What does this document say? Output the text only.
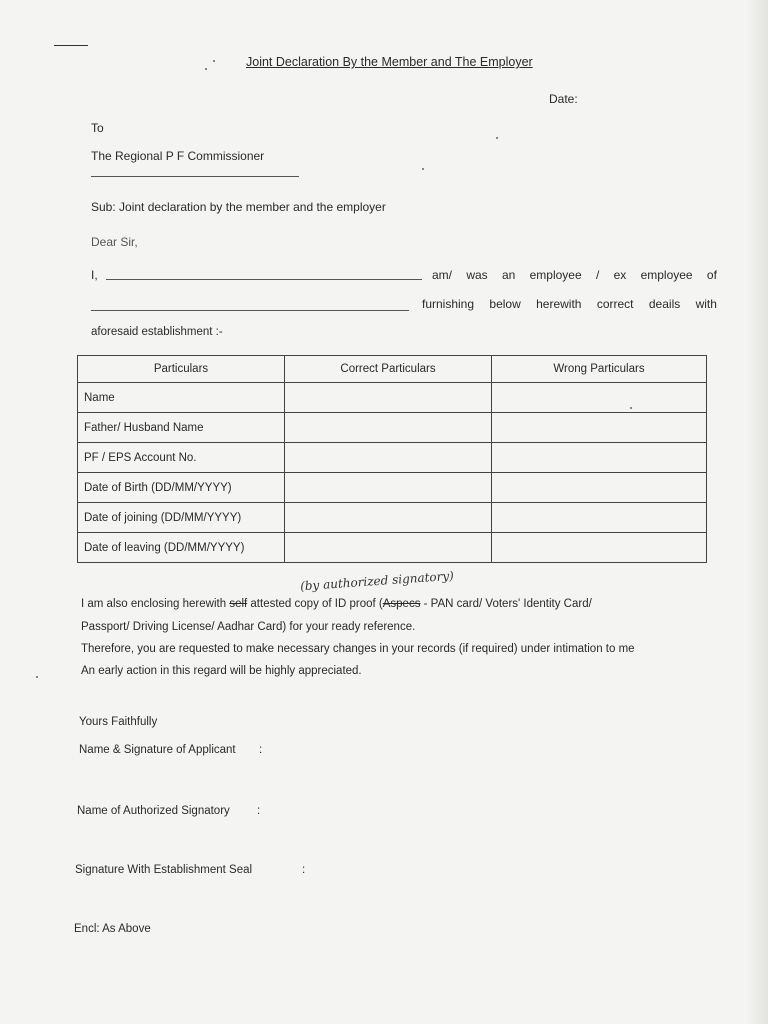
Joint Declaration By the Member and The Employer
Date:
To
The Regional P F Commissioner
Sub: Joint declaration by the member and the employer
Dear Sir,
I,	am/ was an employee / ex employee of
furnishing below herewith correct deails with
aforesaid establishment :-
Particulars	Correct Particulars	Wrong Particulars
Name		
Father/ Husband Name		
PF / EPS Account No.		
Date of Birth (DD/MM/YYYY)		
Date of joining (DD/MM/YYYY)		
Date of leaving (DD/MM/YYYY)		
(by authorized signatory)
I am also enclosing herewith self attested copy of ID proof (Aspecs - PAN card/ Voters' Identity Card/
Passport/ Driving License/ Aadhar Card) for your ready reference.
Therefore, you are requested to make necessary changes in your records (if required) under intimation to me
An early action in this regard will be highly appreciated.
Yours Faithfully
Name & Signature of Applicant :
Name of Authorized Signatory :
Signature With Establishment Seal	:
Encl: As Above
